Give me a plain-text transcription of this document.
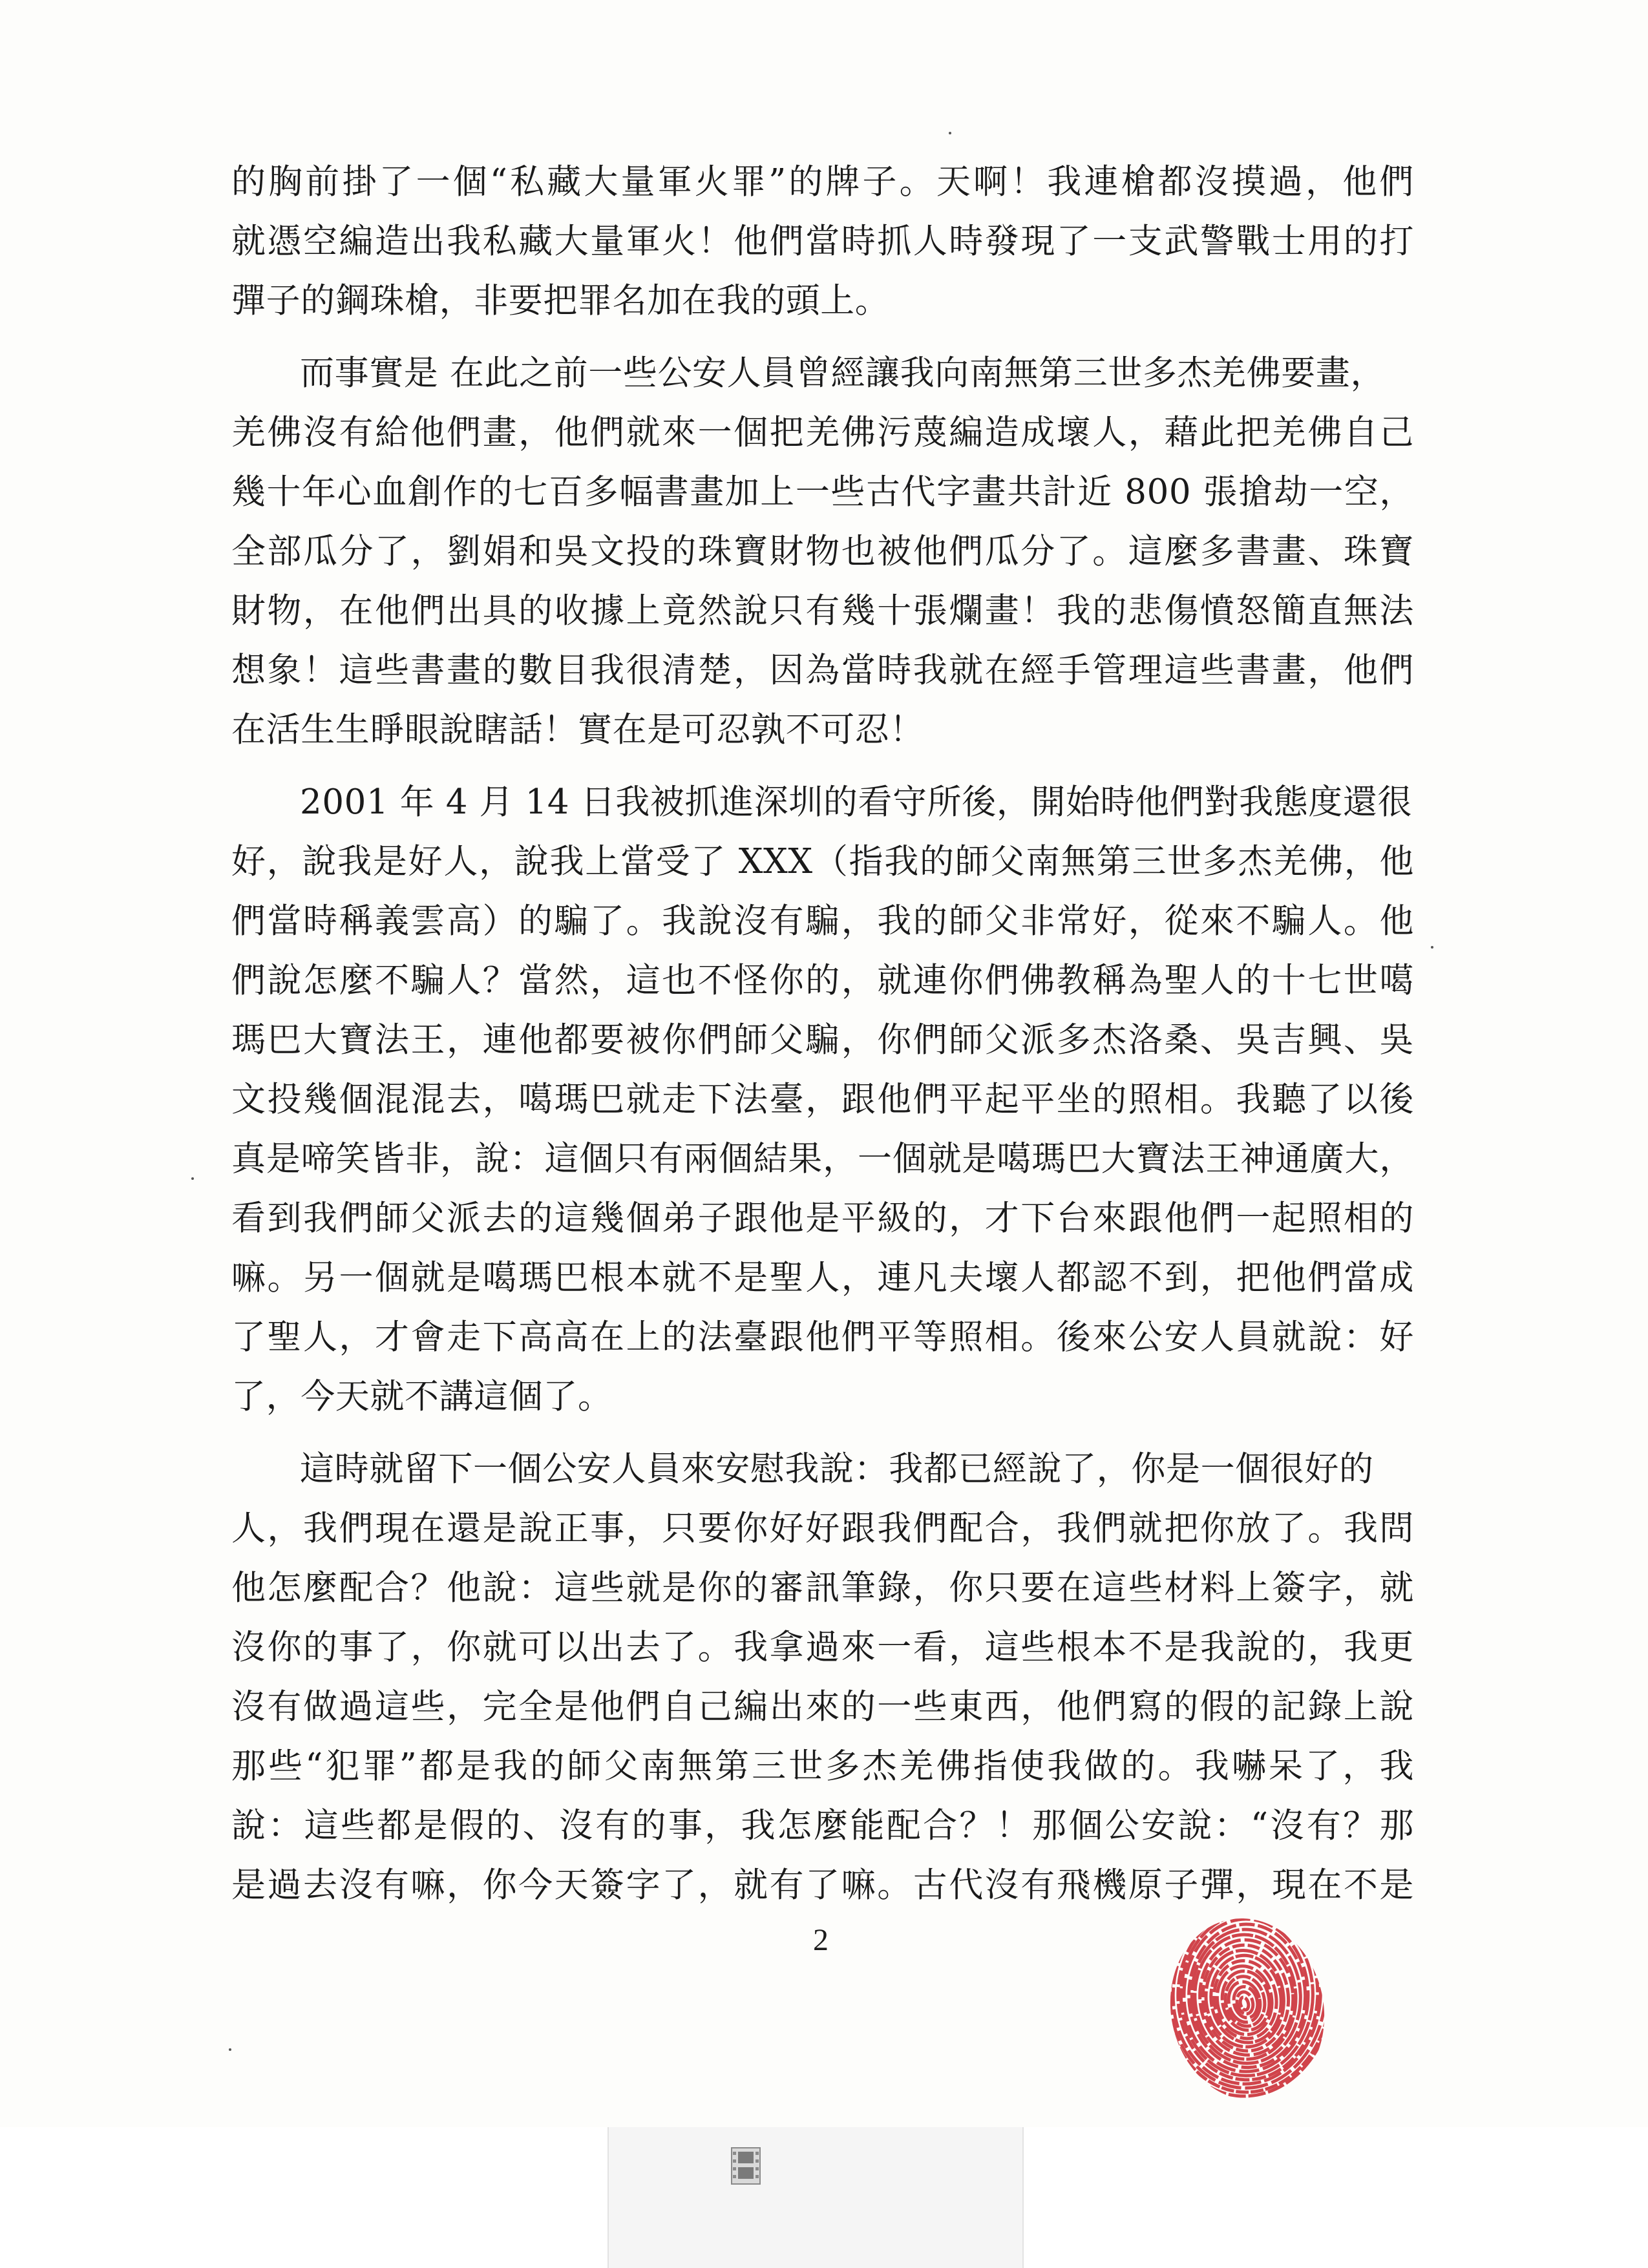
的胸前掛了一個“私藏大量軍火罪”的牌子。天啊！我連槍都沒摸過，他們
就憑空編造出我私藏大量軍火！他們當時抓人時發現了一支武警戰士用的打
彈子的鋼珠槍，非要把罪名加在我的頭上。
而事實是 在此之前一些公安人員曾經讓我向南無第三世多杰羌佛要畫，
羌佛沒有給他們畫，他們就來一個把羌佛污蔑編造成壞人，藉此把羌佛自己
幾十年心血創作的七百多幅書畫加上一些古代字畫共計近 800 張搶劫一空，
全部瓜分了，劉娟和吳文投的珠寶財物也被他們瓜分了。這麼多書畫、珠寶
財物，在他們出具的收據上竟然說只有幾十張爛畫！我的悲傷憤怒簡直無法
想象！這些書畫的數目我很清楚，因為當時我就在經手管理這些書畫，他們
在活生生睜眼說瞎話！實在是可忍孰不可忍！
2001 年 4 月 14 日我被抓進深圳的看守所後，開始時他們對我態度還很
好，說我是好人，說我上當受了 XXX（指我的師父南無第三世多杰羌佛，他
們當時稱義雲高）的騙了。我說沒有騙，我的師父非常好，從來不騙人。他
們說怎麼不騙人？當然，這也不怪你的，就連你們佛教稱為聖人的十七世噶
瑪巴大寶法王，連他都要被你們師父騙，你們師父派多杰洛桑、吳吉興、吳
文投幾個混混去，噶瑪巴就走下法臺，跟他們平起平坐的照相。我聽了以後
真是啼笑皆非，說：這個只有兩個結果，一個就是噶瑪巴大寶法王神通廣大，
看到我們師父派去的這幾個弟子跟他是平級的，才下台來跟他們一起照相的
嘛。另一個就是噶瑪巴根本就不是聖人，連凡夫壞人都認不到，把他們當成
了聖人，才會走下高高在上的法臺跟他們平等照相。後來公安人員就說：好
了，今天就不講這個了。
這時就留下一個公安人員來安慰我說：我都已經說了，你是一個很好的
人，我們現在還是說正事，只要你好好跟我們配合，我們就把你放了。我問
他怎麼配合？他說：這些就是你的審訊筆錄，你只要在這些材料上簽字，就
沒你的事了，你就可以出去了。我拿過來一看，這些根本不是我說的，我更
沒有做過這些，完全是他們自己編出來的一些東西，他們寫的假的記錄上說
那些“犯罪”都是我的師父南無第三世多杰羌佛指使我做的。我嚇呆了，我
說：這些都是假的、沒有的事，我怎麼能配合？！那個公安說：“沒有？那
是過去沒有嘛，你今天簽字了，就有了嘛。古代沒有飛機原子彈，現在不是
2
